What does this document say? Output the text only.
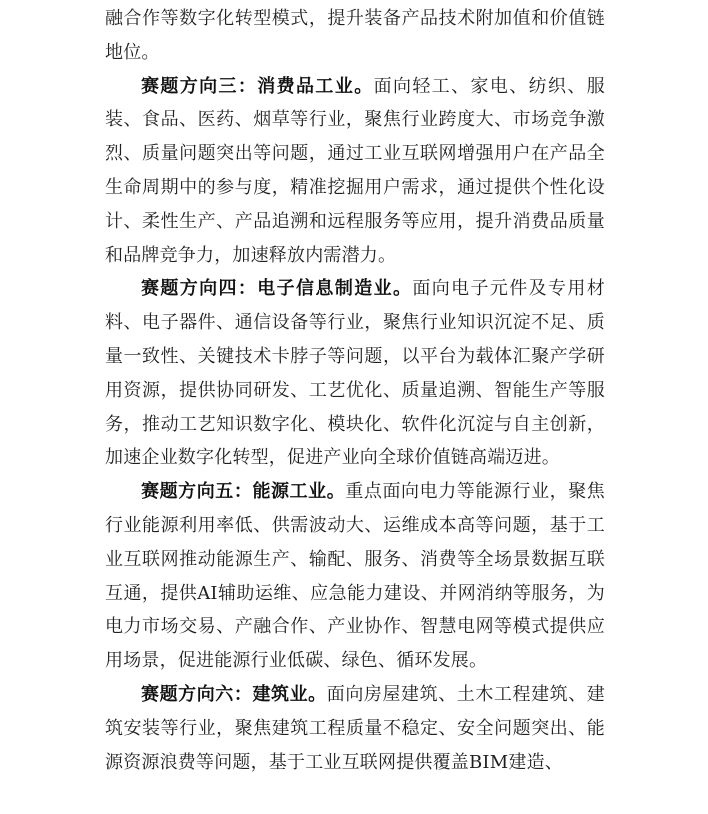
融合作等数字化转型模式，提升装备产品技术附加值和价值链地位。

赛题方向三：消费品工业。面向轻工、家电、纺织、服装、食品、医药、烟草等行业，聚焦行业跨度大、市场竞争激烈、质量问题突出等问题，通过工业互联网增强用户在产品全生命周期中的参与度，精准挖掘用户需求，通过提供个性化设计、柔性生产、产品追溯和远程服务等应用，提升消费品质量和品牌竞争力，加速释放内需潜力。

赛题方向四：电子信息制造业。面向电子元件及专用材料、电子器件、通信设备等行业，聚焦行业知识沉淀不足、质量一致性、关键技术卡脖子等问题，以平台为载体汇聚产学研用资源，提供协同研发、工艺优化、质量追溯、智能生产等服务，推动工艺知识数字化、模块化、软件化沉淀与自主创新，加速企业数字化转型，促进产业向全球价值链高端迈进。

赛题方向五：能源工业。重点面向电力等能源行业，聚焦行业能源利用率低、供需波动大、运维成本高等问题，基于工业互联网推动能源生产、输配、服务、消费等全场景数据互联互通，提供AI辅助运维、应急能力建设、并网消纳等服务，为电力市场交易、产融合作、产业协作、智慧电网等模式提供应用场景，促进能源行业低碳、绿色、循环发展。

赛题方向六：建筑业。面向房屋建筑、土木工程建筑、建筑安装等行业，聚焦建筑工程质量不稳定、安全问题突出、能源资源浪费等问题，基于工业互联网提供覆盖BIM建造、
